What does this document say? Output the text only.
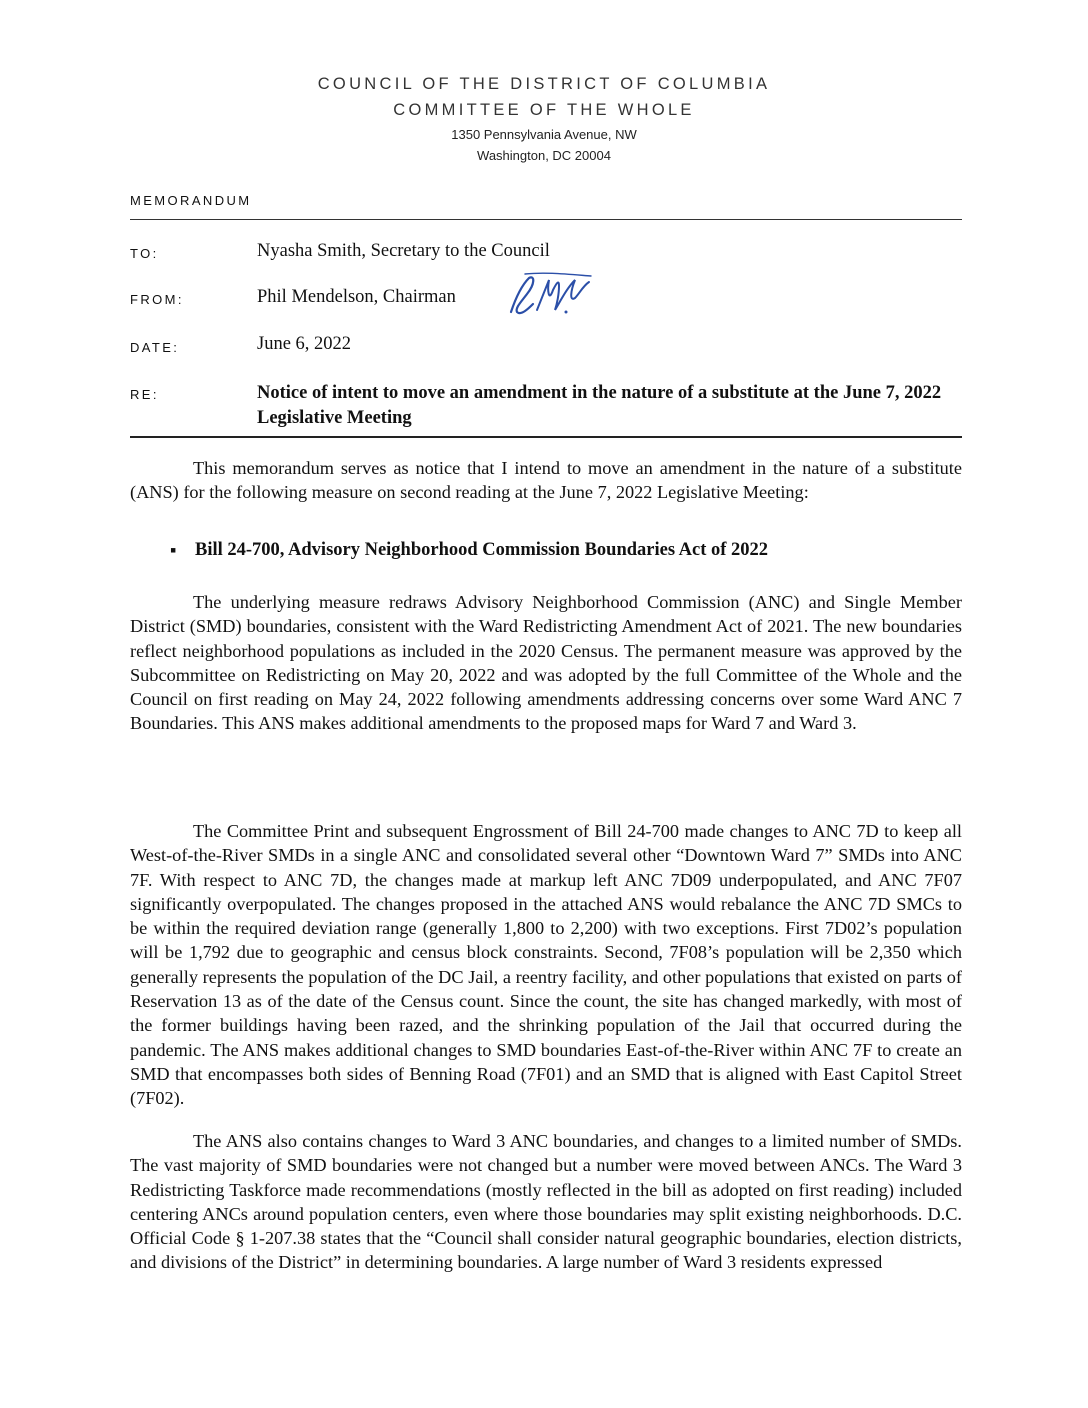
COUNCIL OF THE DISTRICT OF COLUMBIA
COMMITTEE OF THE WHOLE
1350 Pennsylvania Avenue, NW
Washington, DC 20004
MEMORANDUM
TO:	Nyasha Smith, Secretary to the Council
FROM:	Phil Mendelson, Chairman
DATE:	June 6, 2022
RE:	Notice of intent to move an amendment in the nature of a substitute at the June 7, 2022 Legislative Meeting
This memorandum serves as notice that I intend to move an amendment in the nature of a substitute (ANS) for the following measure on second reading at the June 7, 2022 Legislative Meeting:
▪ Bill 24-700, Advisory Neighborhood Commission Boundaries Act of 2022
The underlying measure redraws Advisory Neighborhood Commission (ANC) and Single Member District (SMD) boundaries, consistent with the Ward Redistricting Amendment Act of 2021. The new boundaries reflect neighborhood populations as included in the 2020 Census. The permanent measure was approved by the Subcommittee on Redistricting on May 20, 2022 and was adopted by the full Committee of the Whole and the Council on first reading on May 24, 2022 following amendments addressing concerns over some Ward ANC 7 Boundaries. This ANS makes additional amendments to the proposed maps for Ward 7 and Ward 3.
The Committee Print and subsequent Engrossment of Bill 24-700 made changes to ANC 7D to keep all West-of-the-River SMDs in a single ANC and consolidated several other “Downtown Ward 7” SMDs into ANC 7F. With respect to ANC 7D, the changes made at markup left ANC 7D09 underpopulated, and ANC 7F07 significantly overpopulated. The changes proposed in the attached ANS would rebalance the ANC 7D SMCs to be within the required deviation range (generally 1,800 to 2,200) with two exceptions. First 7D02’s population will be 1,792 due to geographic and census block constraints. Second, 7F08’s population will be 2,350 which generally represents the population of the DC Jail, a reentry facility, and other populations that existed on parts of Reservation 13 as of the date of the Census count. Since the count, the site has changed markedly, with most of the former buildings having been razed, and the shrinking population of the Jail that occurred during the pandemic. The ANS makes additional changes to SMD boundaries East-of-the-River within ANC 7F to create an SMD that encompasses both sides of Benning Road (7F01) and an SMD that is aligned with East Capitol Street (7F02).
The ANS also contains changes to Ward 3 ANC boundaries, and changes to a limited number of SMDs. The vast majority of SMD boundaries were not changed but a number were moved between ANCs. The Ward 3 Redistricting Taskforce made recommendations (mostly reflected in the bill as adopted on first reading) included centering ANCs around population centers, even where those boundaries may split existing neighborhoods. D.C. Official Code § 1-207.38 states that the “Council shall consider natural geographic boundaries, election districts, and divisions of the District” in determining boundaries. A large number of Ward 3 residents expressed
